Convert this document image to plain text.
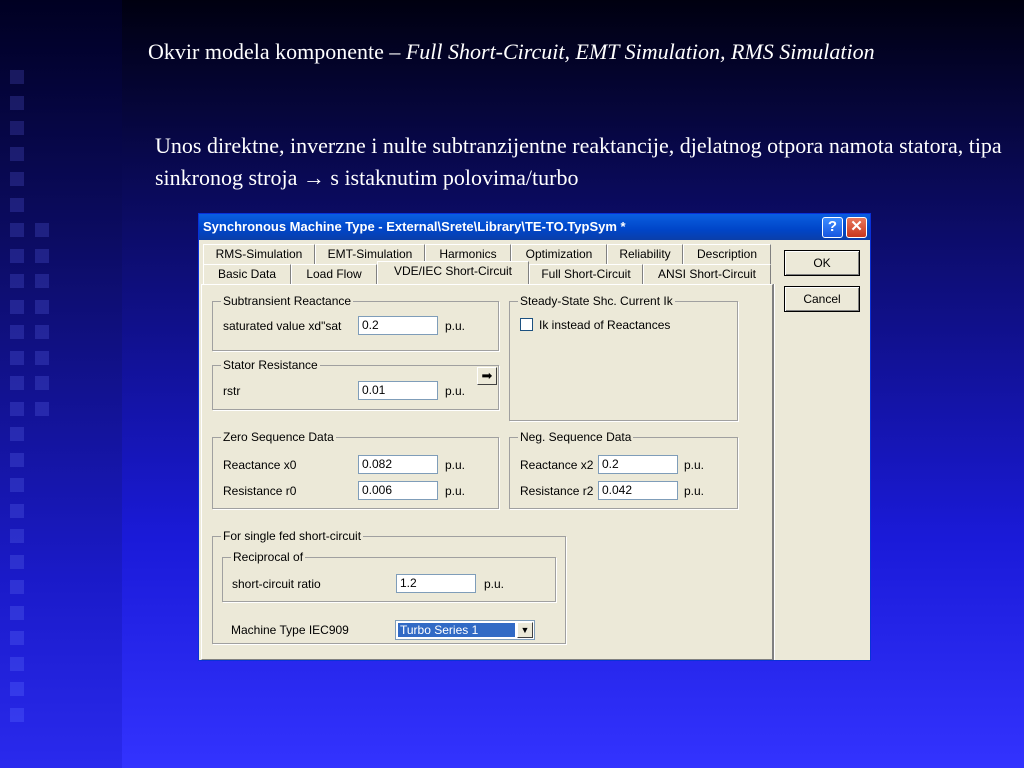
Okvir modela komponente – Full Short-Circuit, EMT Simulation, RMS Simulation
Unos direktne, inverzne i nulte subtranzijentne reaktancije, djelatnog otpora namota statora, tipa sinkronog stroja → s istaknutim polovima/turbo
Synchronous Machine Type - External\Srete\Library\TE-TO.TypSym *	? ✕
RMS-Simulation	EMT-Simulation	Harmonics	Optimization	Reliability	Description
Basic Data	Load Flow	VDE/IEC Short-Circuit	Full Short-Circuit	ANSI Short-Circuit
Subtransient Reactance
saturated value xd"sat	0.2	p.u.
Stator Resistance
rstr	0.01	p.u.
➡
Steady-State Shc. Current Ik
Ik instead of Reactances
Zero Sequence Data
Reactance x0	0.082	p.u.
Resistance r0	0.006	p.u.
Neg. Sequence Data
Reactance x2 0.2	p.u.
Resistance r2 0.042	p.u.
For single fed short-circuit
Reciprocal of
short-circuit ratio	1.2	p.u.
Machine Type IEC909	Turbo Series 1	▼
OK
Cancel
